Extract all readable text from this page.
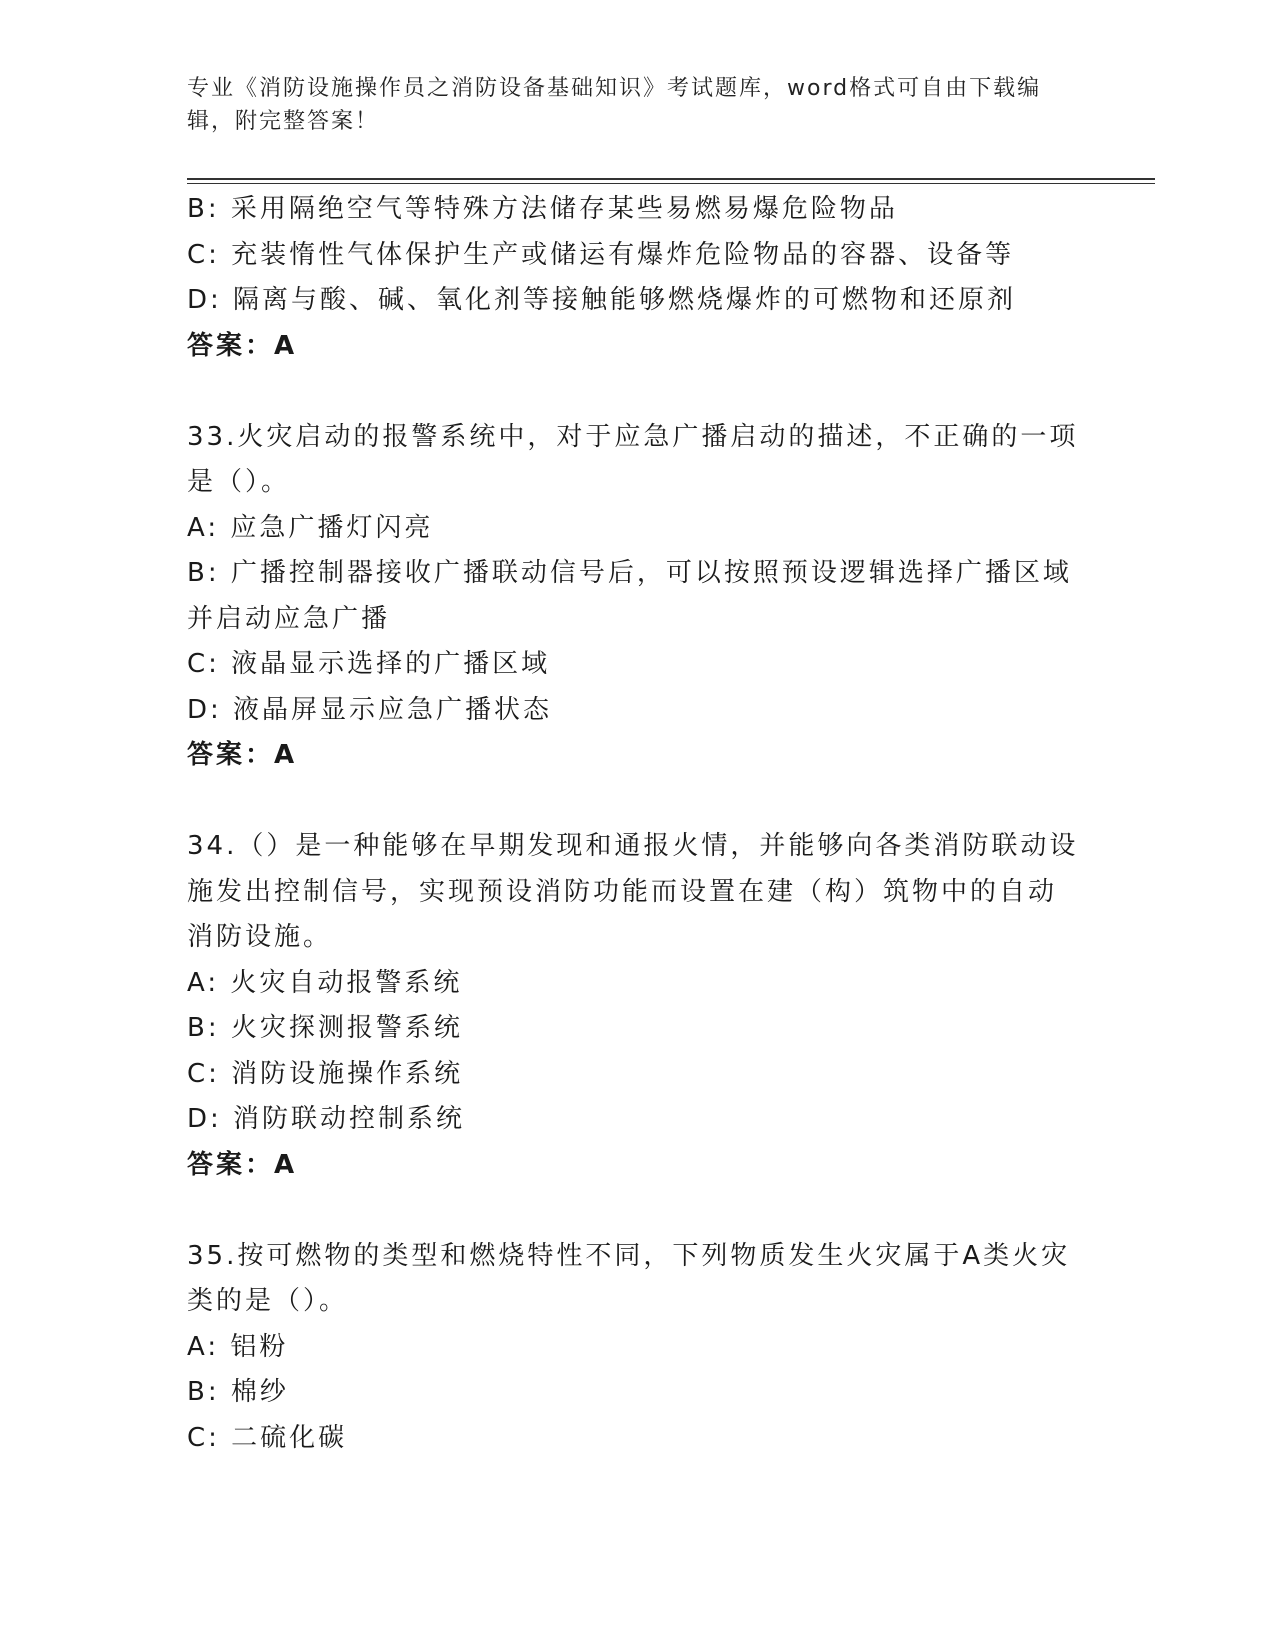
专业《消防设施操作员之消防设备基础知识》考试题库，word格式可自由下载编
辑，附完整答案！
B: 采用隔绝空气等特殊方法储存某些易燃易爆危险物品
C: 充装惰性气体保护生产或储运有爆炸危险物品的容器、设备等
D: 隔离与酸、碱、氧化剂等接触能够燃烧爆炸的可燃物和还原剂
答案：A
33.火灾启动的报警系统中，对于应急广播启动的描述，不正确的一项
是（）。
A: 应急广播灯闪亮
B: 广播控制器接收广播联动信号后，可以按照预设逻辑选择广播区域
并启动应急广播
C: 液晶显示选择的广播区域
D: 液晶屏显示应急广播状态
答案：A
34.（）是一种能够在早期发现和通报火情，并能够向各类消防联动设
施发出控制信号，实现预设消防功能而设置在建（构）筑物中的自动
消防设施。
A: 火灾自动报警系统
B: 火灾探测报警系统
C: 消防设施操作系统
D: 消防联动控制系统
答案：A
35.按可燃物的类型和燃烧特性不同，下列物质发生火灾属于A类火灾
类的是（）。
A: 铝粉
B: 棉纱
C: 二硫化碳
